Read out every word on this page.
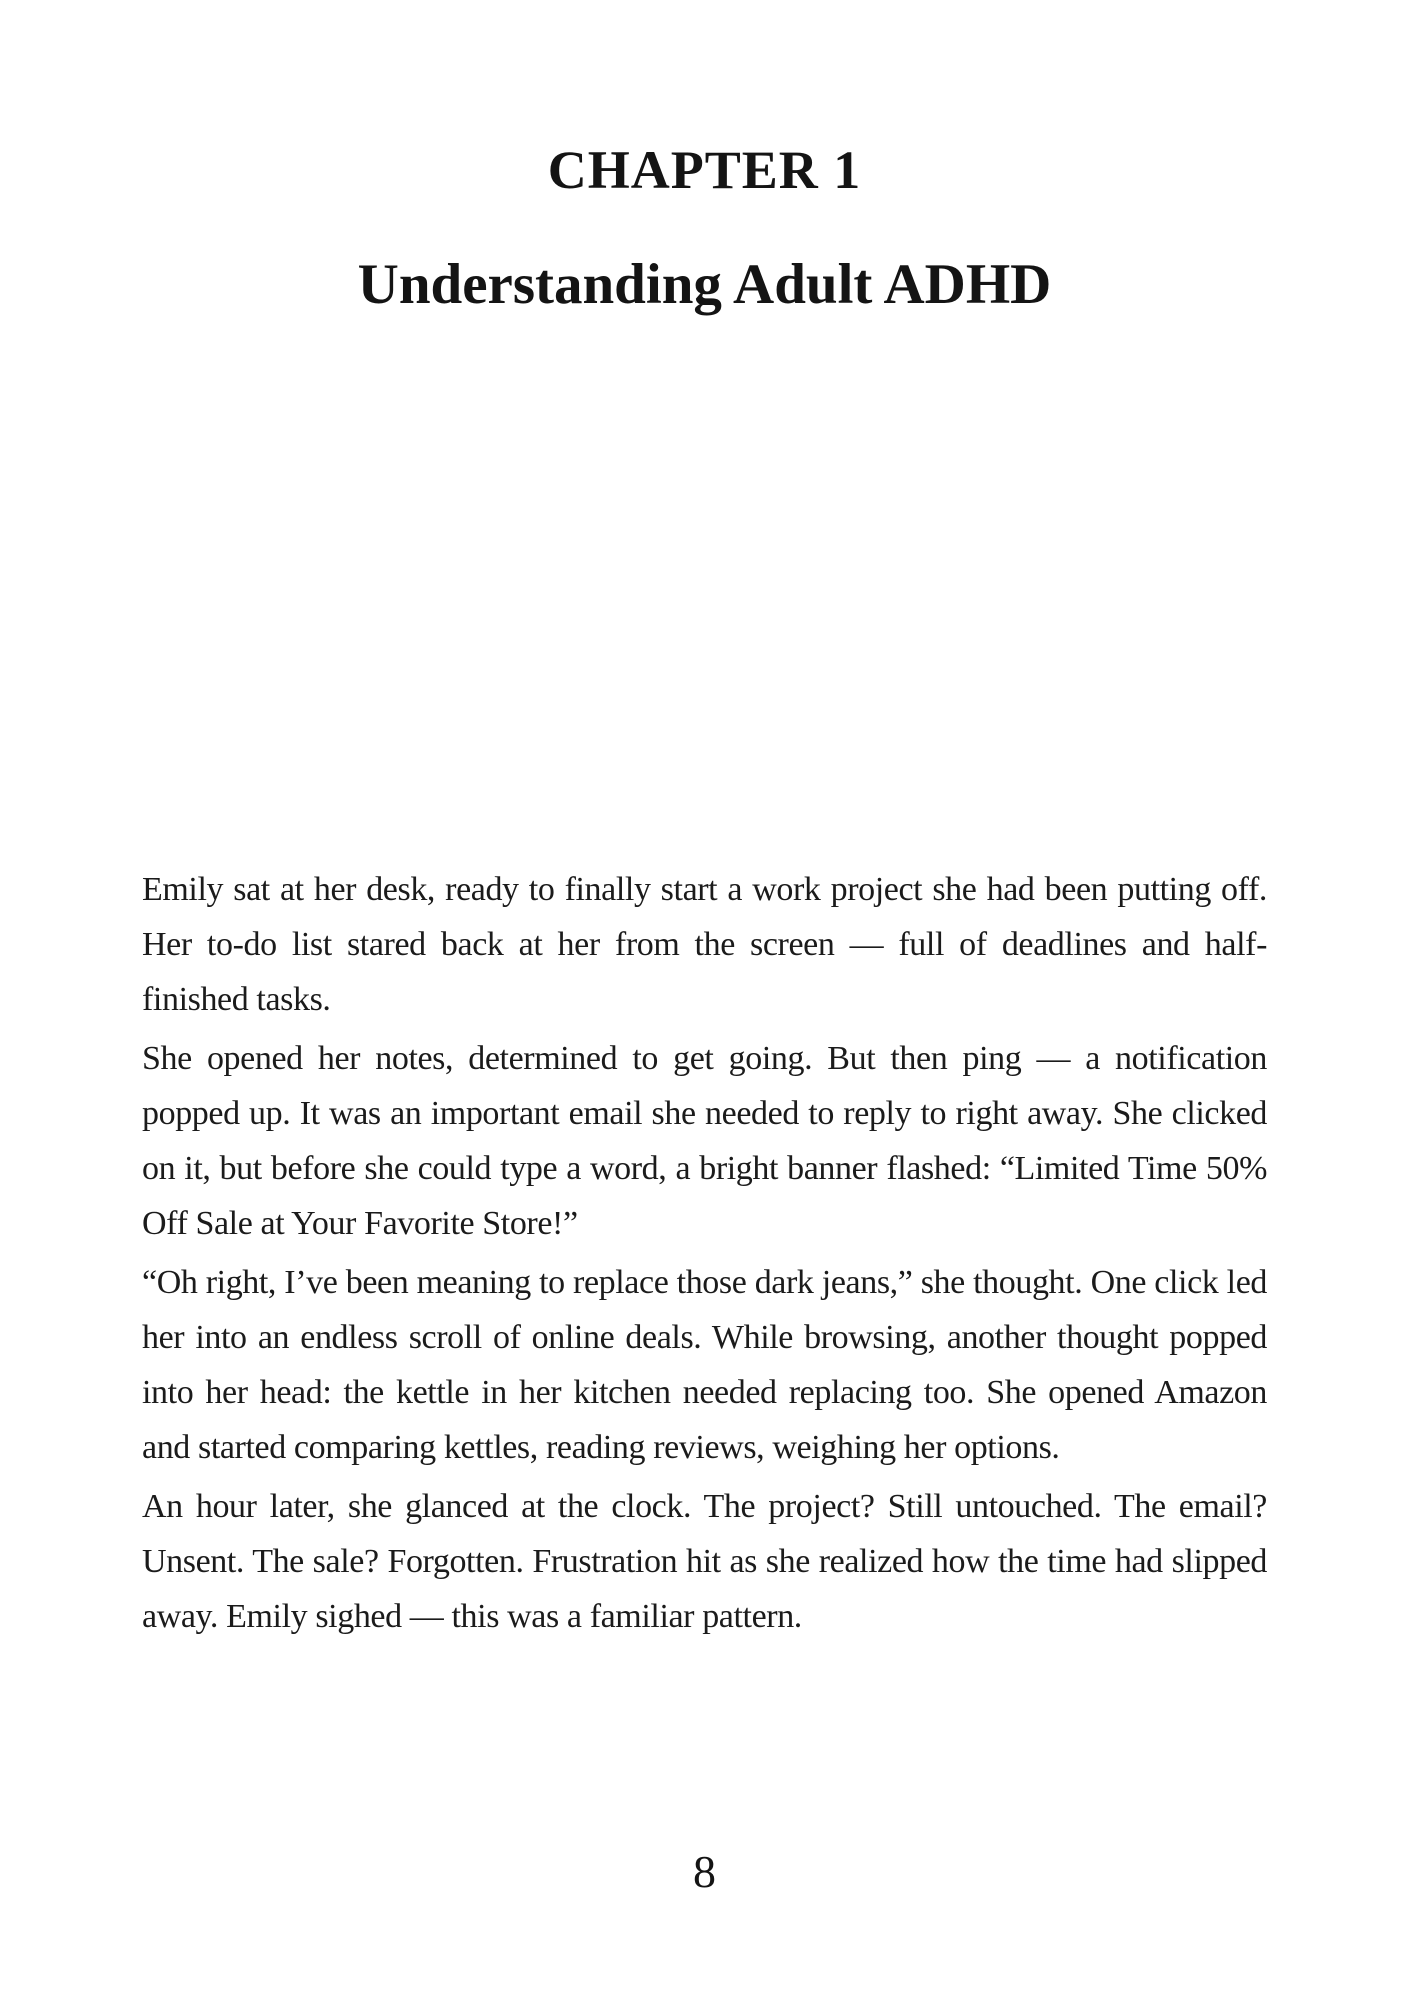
CHAPTER 1
Understanding Adult ADHD

Emily sat at her desk, ready to finally start a work project she had been putting off. Her to-do list stared back at her from the screen — full of deadlines and half-finished tasks.

She opened her notes, determined to get going. But then ping — a notification popped up. It was an important email she needed to reply to right away. She clicked on it, but before she could type a word, a bright banner flashed: “Limited Time 50% Off Sale at Your Favorite Store!”

“Oh right, I’ve been meaning to replace those dark jeans,” she thought. One click led her into an endless scroll of online deals. While browsing, another thought popped into her head: the kettle in her kitchen needed replacing too. She opened Amazon and started comparing kettles, reading reviews, weighing her options.

An hour later, she glanced at the clock. The project? Still untouched. The email? Unsent. The sale? Forgotten. Frustration hit as she realized how the time had slipped away. Emily sighed — this was a familiar pattern.

8
